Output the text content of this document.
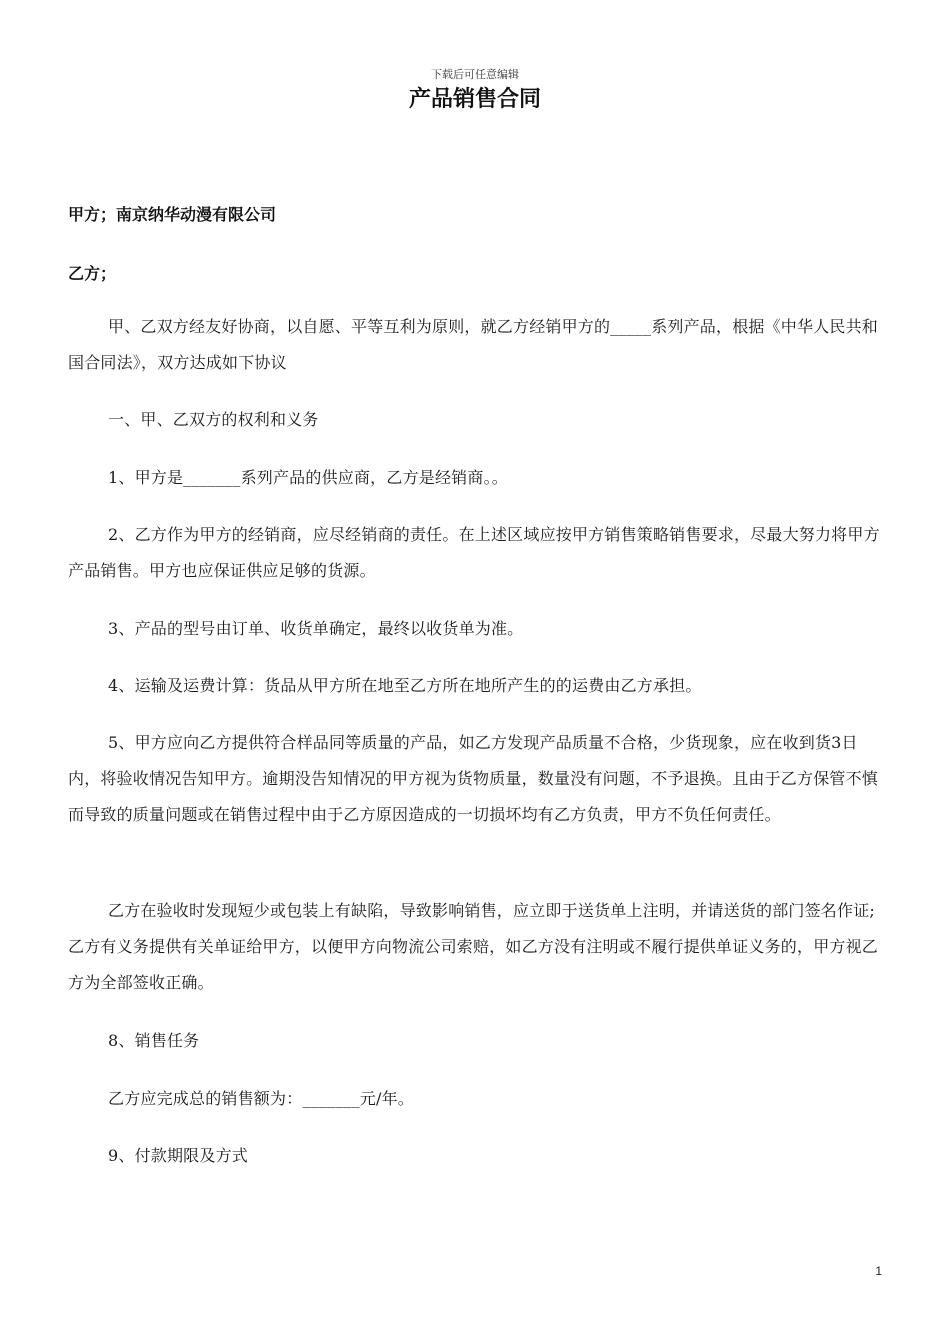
下载后可任意编辑
产品销售合同
甲方；南京纳华动漫有限公司
乙方；
甲、乙双方经友好协商，以自愿、平等互利为原则，就乙方经销甲方的_____系列产品，根据《中华人民共和国合同法》，双方达成如下协议
一、甲、乙双方的权利和义务
1、甲方是_______系列产品的供应商，乙方是经销商。。
2、乙方作为甲方的经销商，应尽经销商的责任。在上述区域应按甲方销售策略销售要求，尽最大努力将甲方产品销售。甲方也应保证供应足够的货源。
3、产品的型号由订单、收货单确定，最终以收货单为准。
4、运输及运费计算：货品从甲方所在地至乙方所在地所产生的的运费由乙方承担。
5、甲方应向乙方提供符合样品同等质量的产品，如乙方发现产品质量不合格，少货现象，应在收到货3日内，将验收情况告知甲方。逾期没告知情况的甲方视为货物质量，数量没有问题，不予退换。且由于乙方保管不慎而导致的质量问题或在销售过程中由于乙方原因造成的一切损坏均有乙方负责，甲方不负任何责任。
乙方在验收时发现短少或包装上有缺陷，导致影响销售，应立即于送货单上注明，并请送货的部门签名作证;乙方有义务提供有关单证给甲方，以便甲方向物流公司索赔，如乙方没有注明或不履行提供单证义务的，甲方视乙方为全部签收正确。
8、销售任务
乙方应完成总的销售额为：_______元/年。
9、付款期限及方式
1
